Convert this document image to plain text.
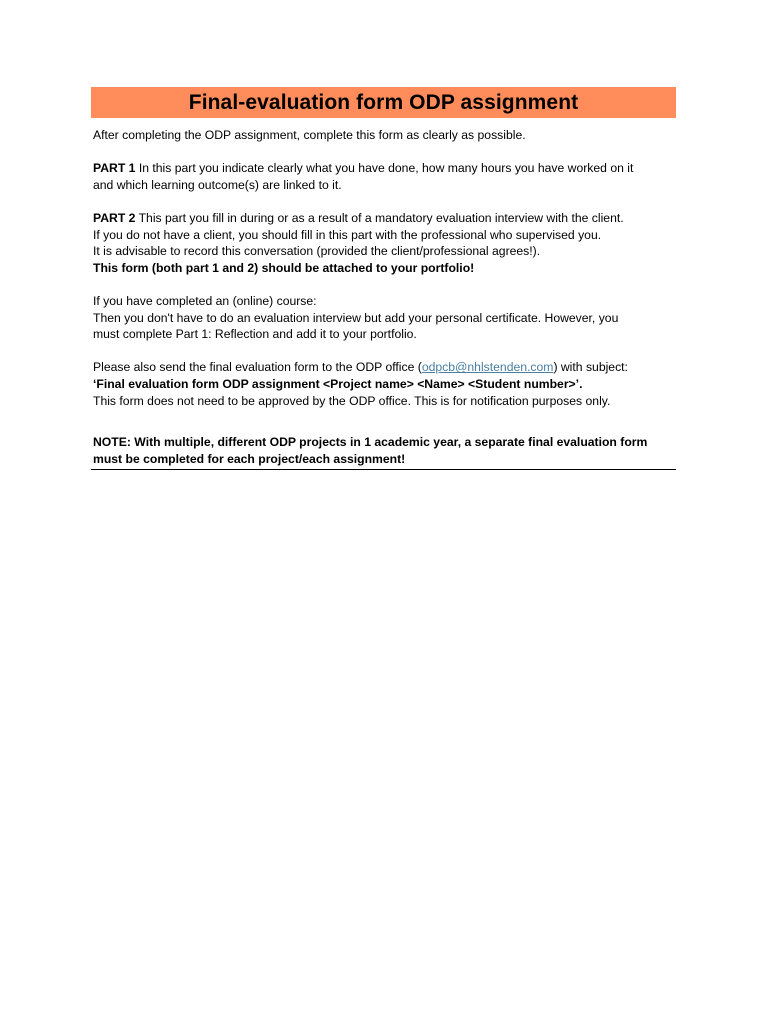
Final-evaluation form ODP assignment

After completing the ODP assignment, complete this form as clearly as possible.

PART 1 In this part you indicate clearly what you have done, how many hours you have worked on it

and which learning outcome(s) are linked to it.

PART 2 This part you fill in during or as a result of a mandatory evaluation interview with the client.

If you do not have a client, you should fill in this part with the professional who supervised you.

It is advisable to record this conversation (provided the client/professional agrees!).

This form (both part 1 and 2) should be attached to your portfolio!

If you have completed an (online) course:

Then you don't have to do an evaluation interview but add your personal certificate. However, you

must complete Part 1: Reflection and add it to your portfolio.

Please also send the final evaluation form to the ODP office (odpcb@nhlstenden.com) with subject:

‘Final evaluation form ODP assignment <Project name> <Name> <Student number>’.

This form does not need to be approved by the ODP office. This is for notification purposes only.

NOTE: With multiple, different ODP projects in 1 academic year, a separate final evaluation form

must be completed for each project/each assignment!
